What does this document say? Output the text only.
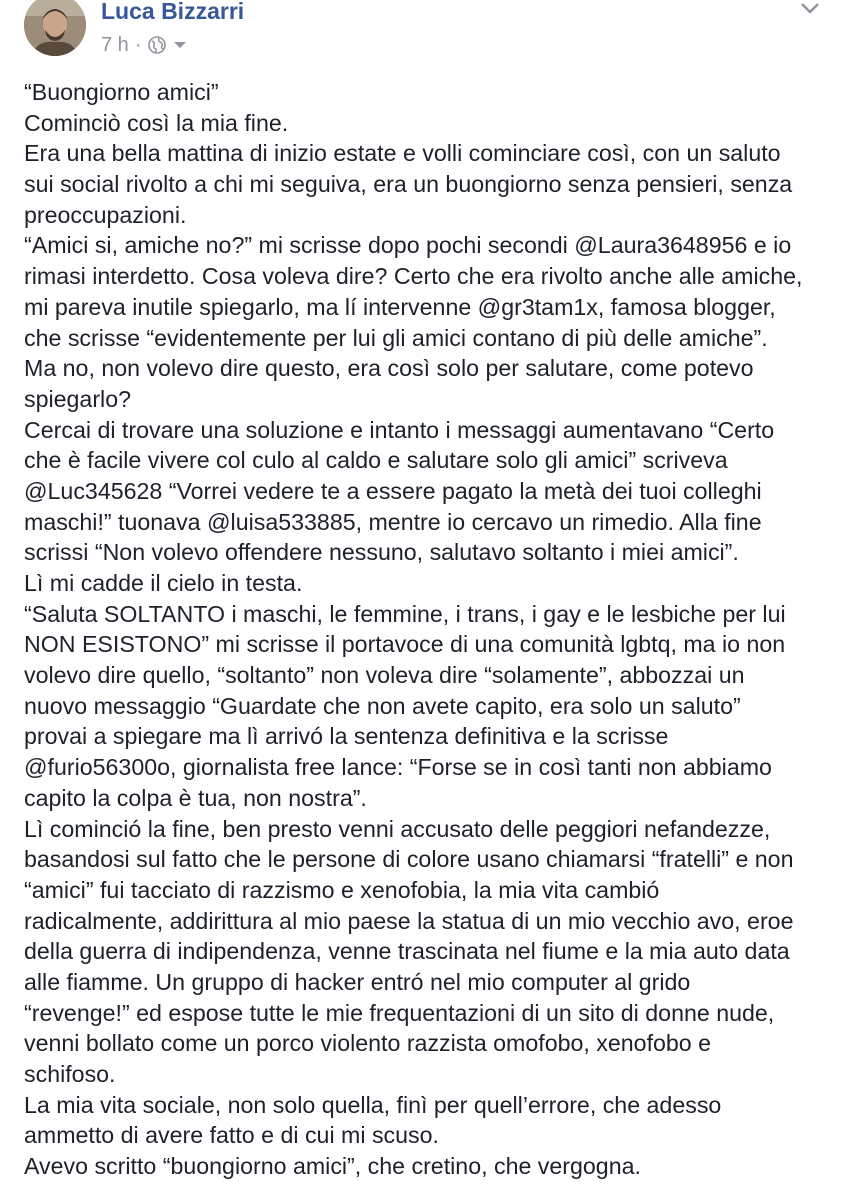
Luca Bizzarri
7 h ·
“Buongiorno amici”
Cominciò così la mia fine.
Era una bella mattina di inizio estate e volli cominciare così, con un saluto
sui social rivolto a chi mi seguiva, era un buongiorno senza pensieri, senza
preoccupazioni.
“Amici si, amiche no?” mi scrisse dopo pochi secondi @Laura3648956 e io
rimasi interdetto. Cosa voleva dire? Certo che era rivolto anche alle amiche,
mi pareva inutile spiegarlo, ma lí intervenne @gr3tam1x, famosa blogger,
che scrisse “evidentemente per lui gli amici contano di più delle amiche”.
Ma no, non volevo dire questo, era così solo per salutare, come potevo
spiegarlo?
Cercai di trovare una soluzione e intanto i messaggi aumentavano “Certo
che è facile vivere col culo al caldo e salutare solo gli amici” scriveva
@Luc345628 “Vorrei vedere te a essere pagato la metà dei tuoi colleghi
maschi!” tuonava @luisa533885, mentre io cercavo un rimedio. Alla fine
scrissi “Non volevo offendere nessuno, salutavo soltanto i miei amici”.
Lì mi cadde il cielo in testa.
“Saluta SOLTANTO i maschi, le femmine, i trans, i gay e le lesbiche per lui
NON ESISTONO” mi scrisse il portavoce di una comunità lgbtq, ma io non
volevo dire quello, “soltanto” non voleva dire “solamente”, abbozzai un
nuovo messaggio “Guardate che non avete capito, era solo un saluto”
provai a spiegare ma lì arrivó la sentenza definitiva e la scrisse
@furio56300o, giornalista free lance: “Forse se in così tanti non abbiamo
capito la colpa è tua, non nostra”.
Lì cominció la fine, ben presto venni accusato delle peggiori nefandezze,
basandosi sul fatto che le persone di colore usano chiamarsi “fratelli” e non
“amici” fui tacciato di razzismo e xenofobia, la mia vita cambió
radicalmente, addirittura al mio paese la statua di un mio vecchio avo, eroe
della guerra di indipendenza, venne trascinata nel fiume e la mia auto data
alle fiamme. Un gruppo di hacker entró nel mio computer al grido
“revenge!” ed espose tutte le mie frequentazioni di un sito di donne nude,
venni bollato come un porco violento razzista omofobo, xenofobo e
schifoso.
La mia vita sociale, non solo quella, finì per quell’errore, che adesso
ammetto di avere fatto e di cui mi scuso.
Avevo scritto “buongiorno amici”, che cretino, che vergogna.
